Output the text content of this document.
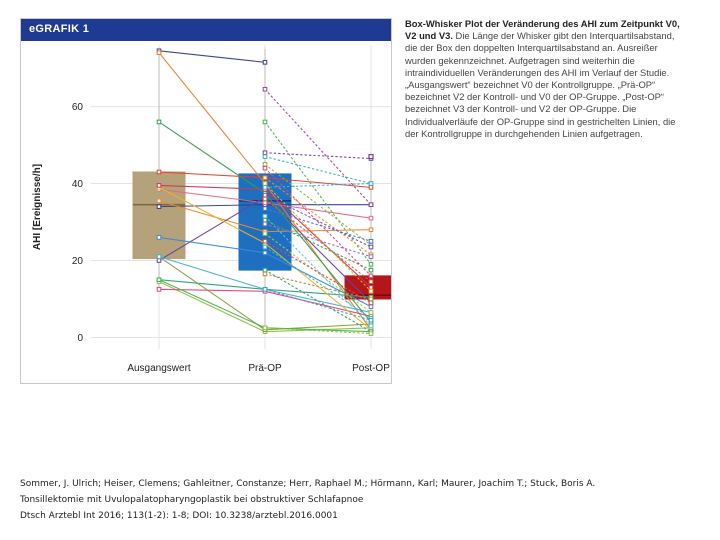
eGRAFIK 1
0
20
40
60
Ausgangswert	Prä-OP	Post-OP
AHI [Ereignisse/h]
Box-Whisker Plot der Veränderung des AHI zum Zeitpunkt V0, V2 und V3. Die Länge der Whisker gibt den Interquartilsabstand, die der Box den doppelten Interquartilsabstand an. Ausreißer wurden gekennzeichnet. Aufgetragen sind weiterhin die intraindividuellen Veränderungen des AHI im Verlauf der Studie. „Ausgangswert“ bezeichnet V0 der Kontrollgruppe. „Prä-OP“ bezeichnet V2 der Kontroll- und V0 der OP-Gruppe. „Post-OP“ bezeichnet V3 der Kontroll- und V2 der OP-Gruppe. Die Individualverläufe der OP-Gruppe sind in gestrichelten Linien, die der Kontrollgruppe in durchgehenden Linien aufgetragen.
Sommer, J. Ulrich; Heiser, Clemens; Gahleitner, Constanze; Herr, Raphael M.; Hörmann, Karl; Maurer, Joachim T.; Stuck, Boris A.
Tonsillektomie mit Uvulopalatopharyngoplastik bei obstruktiver Schlafapnoe
Dtsch Arztebl Int 2016; 113(1-2): 1-8; DOI: 10.3238/arztebl.2016.0001
